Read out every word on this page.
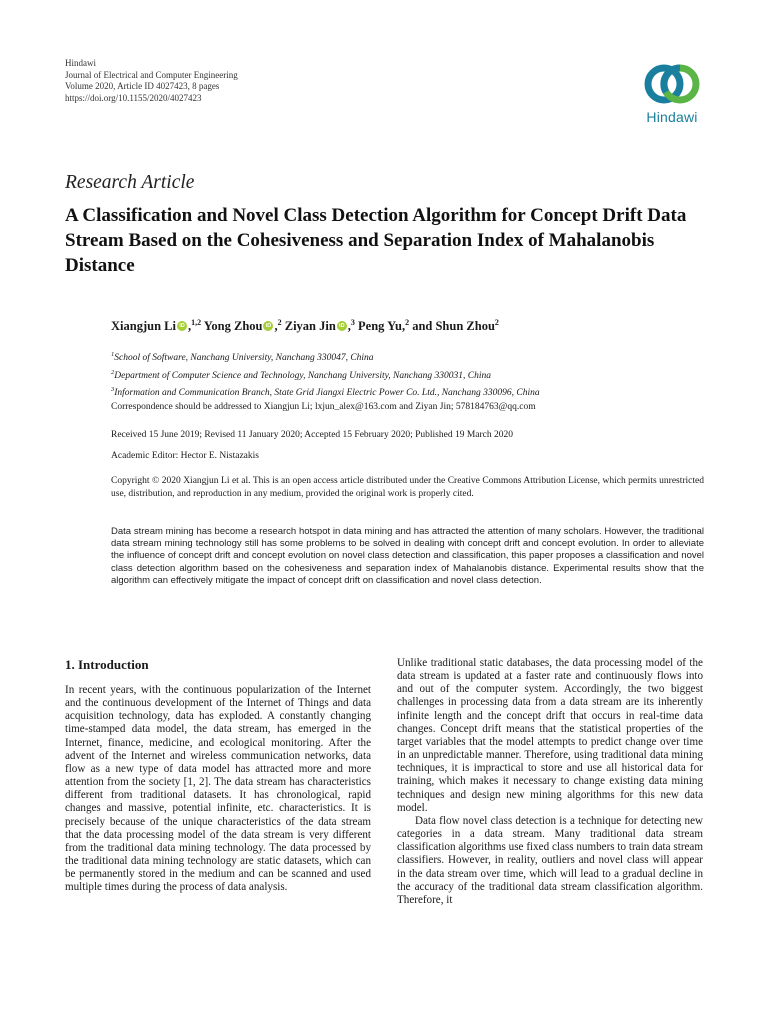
Hindawi
Journal of Electrical and Computer Engineering
Volume 2020, Article ID 4027423, 8 pages
https://doi.org/10.1155/2020/4027423
Hindawi
Research Article
A Classification and Novel Class Detection Algorithm for Concept Drift Data Stream Based on the Cohesiveness and Separation Index of Mahalanobis Distance
Xiangjun Li iD ,$^{1,2}$ Yong Zhou iD ,$^2$ Ziyan Jin iD ,$^3$ Peng Yu,$^2$ and Shun Zhou$^2$
$^1$School of Software, Nanchang University, Nanchang 330047, China
$^2$Department of Computer Science and Technology, Nanchang University, Nanchang 330031, China
$^3$Information and Communication Branch, State Grid Jiangxi Electric Power Co. Ltd., Nanchang 330096, China
Correspondence should be addressed to Xiangjun Li; lxjun_alex@163.com and Ziyan Jin; 578184763@qq.com
Received 15 June 2019; Revised 11 January 2020; Accepted 15 February 2020; Published 19 March 2020
Academic Editor: Hector E. Nistazakis
Copyright © 2020 Xiangjun Li et al. This is an open access article distributed under the Creative Commons Attribution License, which permits unrestricted use, distribution, and reproduction in any medium, provided the original work is properly cited.
Data stream mining has become a research hotspot in data mining and has attracted the attention of many scholars. However, the traditional data stream mining technology still has some problems to be solved in dealing with concept drift and concept evolution. In order to alleviate the influence of concept drift and concept evolution on novel class detection and classification, this paper proposes a classification and novel class detection algorithm based on the cohesiveness and separation index of Mahalanobis distance. Experimental results show that the algorithm can effectively mitigate the impact of concept drift on classification and novel class detection.
1. Introduction

In recent years, with the continuous popularization of the Internet and the continuous development of the Internet of Things and data acquisition technology, data has exploded. A constantly changing time-stamped data model, the data stream, has emerged in the Internet, finance, medicine, and ecological monitoring. After the advent of the Internet and wireless communication networks, data flow as a new type of data model has attracted more and more attention from the society [1, 2]. The data stream has characteristics different from traditional datasets. It has chronological, rapid changes and massive, potential infinite, etc. characteristics. It is precisely because of the unique characteristics of the data stream that the data processing model of the data stream is very different from the traditional data mining technology. The data processed by the traditional data mining technology are static datasets, which can be permanently stored in the medium and can be scanned and used multiple times during the process of data analysis.

Unlike traditional static databases, the data processing model of the data stream is updated at a faster rate and continuously flows into and out of the computer system. Accordingly, the two biggest challenges in processing data from a data stream are its inherently infinite length and the concept drift that occurs in real-time data changes. Concept drift means that the statistical properties of the target variables that the model attempts to predict change over time in an unpredictable manner. Therefore, using traditional data mining techniques, it is impractical to store and use all historical data for training, which makes it necessary to change existing data mining techniques and design new mining algorithms for this new data model.

Data flow novel class detection is a technique for detecting new categories in a data stream. Many traditional data stream classification algorithms use fixed class numbers to train data stream classifiers. However, in reality, outliers and novel class will appear in the data stream over time, which will lead to a gradual decline in the accuracy of the traditional data stream classification algorithm. Therefore, it
